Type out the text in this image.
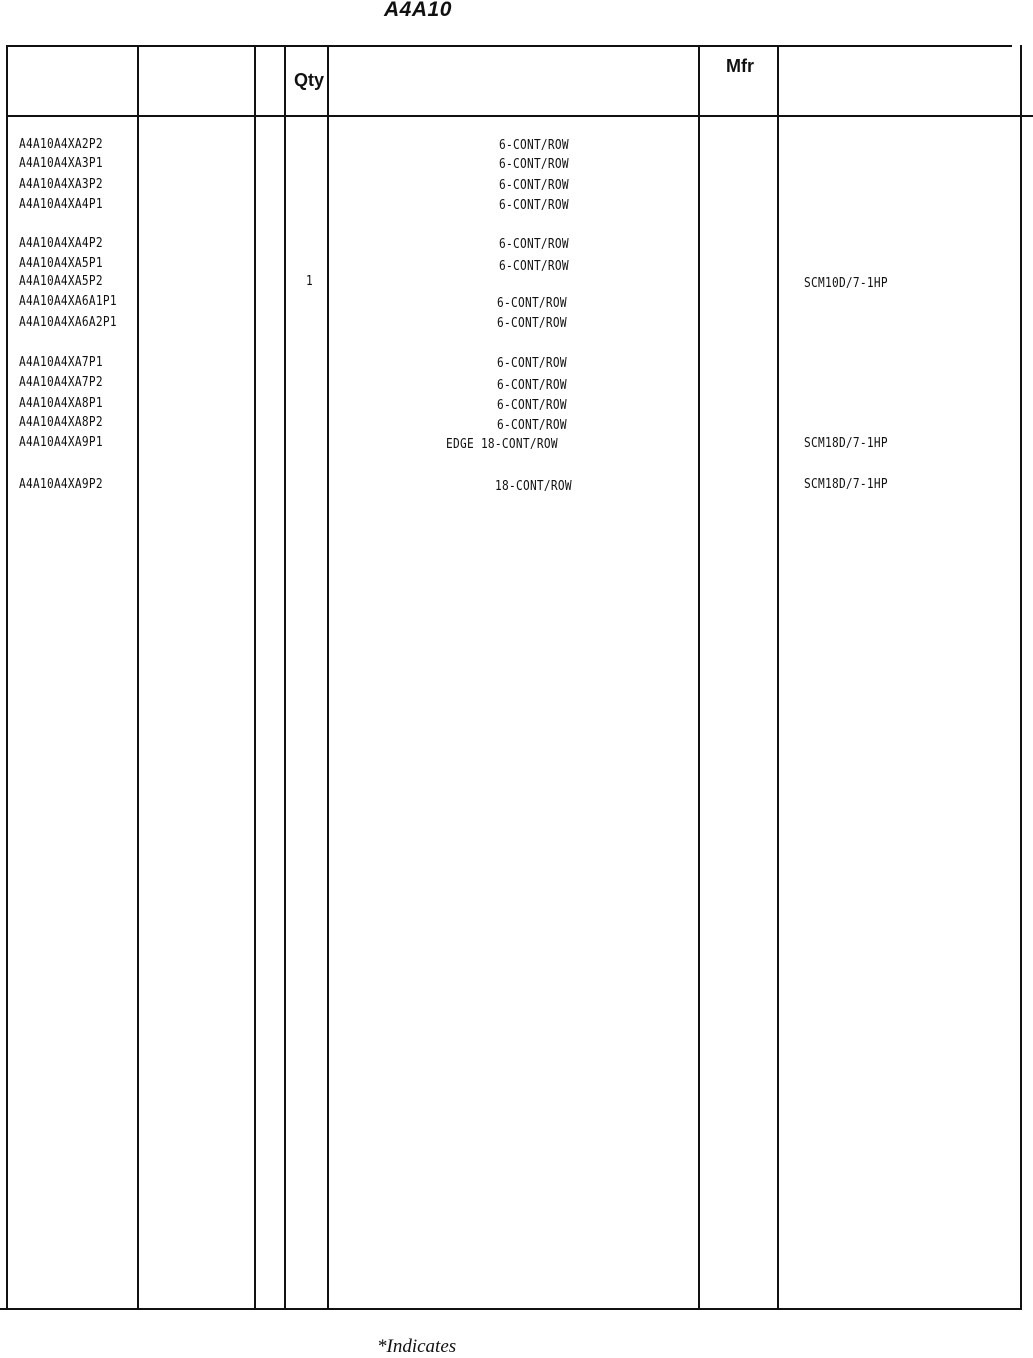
A4A10
Qty
Mfr
A4A10A4XA2P2
A4A10A4XA3P1
A4A10A4XA3P2
A4A10A4XA4P1
A4A10A4XA4P2
A4A10A4XA5P1
A4A10A4XA5P2
A4A10A4XA6A1P1
A4A10A4XA6A2P1
A4A10A4XA7P1
A4A10A4XA7P2
A4A10A4XA8P1
A4A10A4XA8P2
A4A10A4XA9P1
A4A10A4XA9P2
1
6-CONT/ROW
6-CONT/ROW
6-CONT/ROW
6-CONT/ROW
6-CONT/ROW
6-CONT/ROW
6-CONT/ROW
6-CONT/ROW
6-CONT/ROW
6-CONT/ROW
6-CONT/ROW
6-CONT/ROW
EDGE 18-CONT/ROW
18-CONT/ROW
SCM10D/7-1HP
SCM18D/7-1HP
SCM18D/7-1HP
*Indicates
